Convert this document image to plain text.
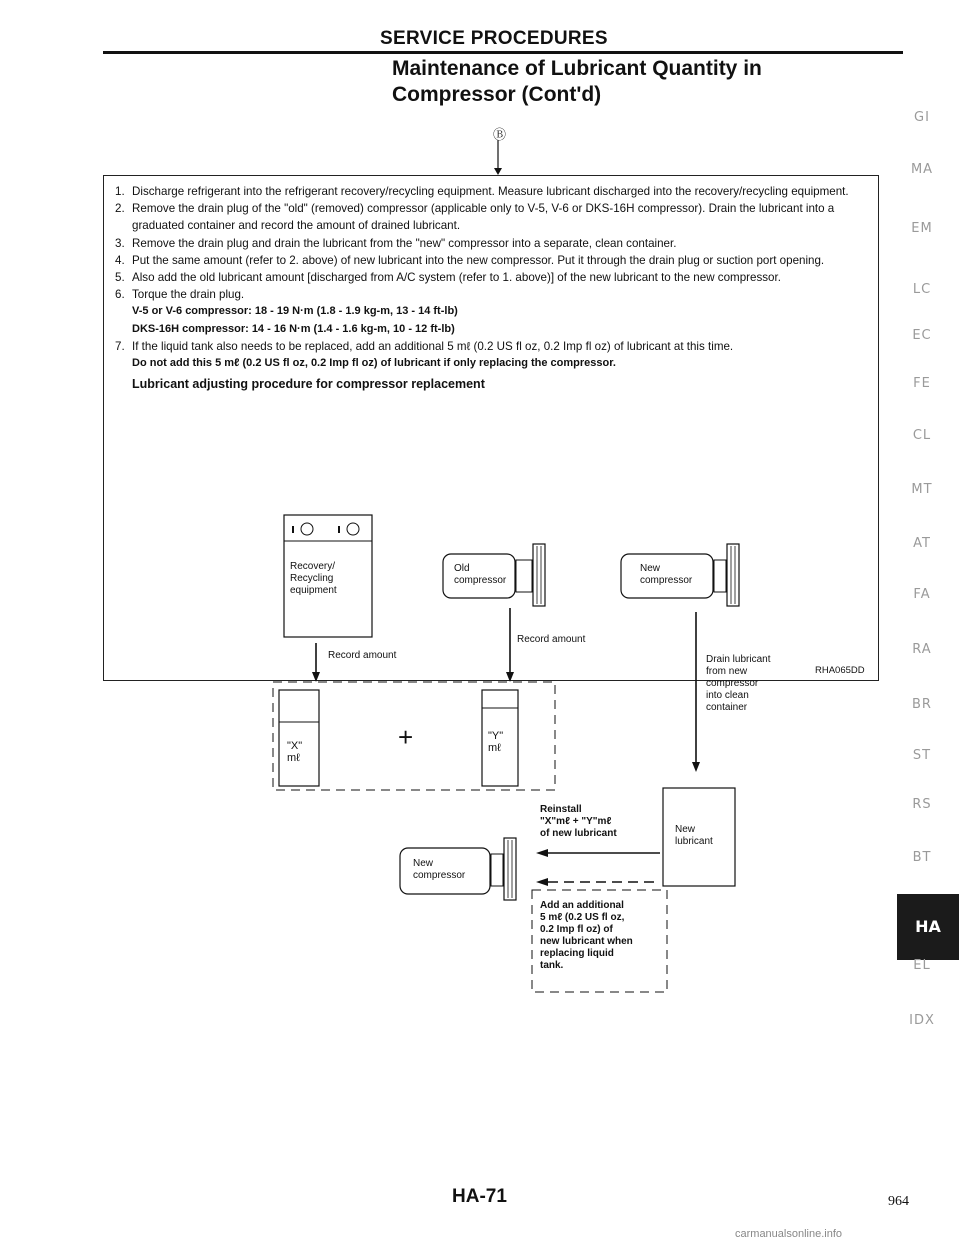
SERVICE PROCEDURES
Maintenance of Lubricant Quantity in
Compressor (Cont'd)
Ⓑ
1. Discharge refrigerant into the refrigerant recovery/recycling equipment. Measure lubricant discharged into the recovery/recycling equipment.
2. Remove the drain plug of the "old" (removed) compressor (applicable only to V-5, V-6 or DKS-16H compressor). Drain the lubricant into a graduated container and record the amount of drained lubricant.
3. Remove the drain plug and drain the lubricant from the "new" compressor into a separate, clean container.
4. Put the same amount (refer to 2. above) of new lubricant into the new compressor. Put it through the drain plug or suction port opening.
5. Also add the old lubricant amount [discharged from A/C system (refer to 1. above)] of the new lubricant to the new compressor.
6. Torque the drain plug.
V-5 or V-6 compressor: 18 - 19 N·m (1.8 - 1.9 kg-m, 13 - 14 ft-lb)
DKS-16H compressor: 14 - 16 N·m (1.4 - 1.6 kg-m, 10 - 12 ft-lb)
7. If the liquid tank also needs to be replaced, add an additional 5 mℓ (0.2 US fl oz, 0.2 Imp fl oz) of lubricant at this time.
Do not add this 5 mℓ (0.2 US fl oz, 0.2 Imp fl oz) of lubricant if only replacing the compressor.
Lubricant adjusting procedure for compressor replacement
Recovery/
Recycling
equipment
Old
compressor
New
compressor
Record amount
Record amount
Drain lubricant
from new
compressor
into clean
container
"X"
mℓ
+	"Y"
mℓ
Reinstall
"X"mℓ + "Y"mℓ
of new lubricant	New
lubricant
New
compressor
Add an additional
5 mℓ (0.2 US fl oz,
0.2 Imp fl oz) of
new lubricant when
replacing liquid
tank.
RHA065DD
GI
MA
EM
LC
EC
FE
CL
MT
AT
FA
RA
BR
ST
RS
BT
HA
EL
IDX
HA-71	964
carmanualsonline.info
